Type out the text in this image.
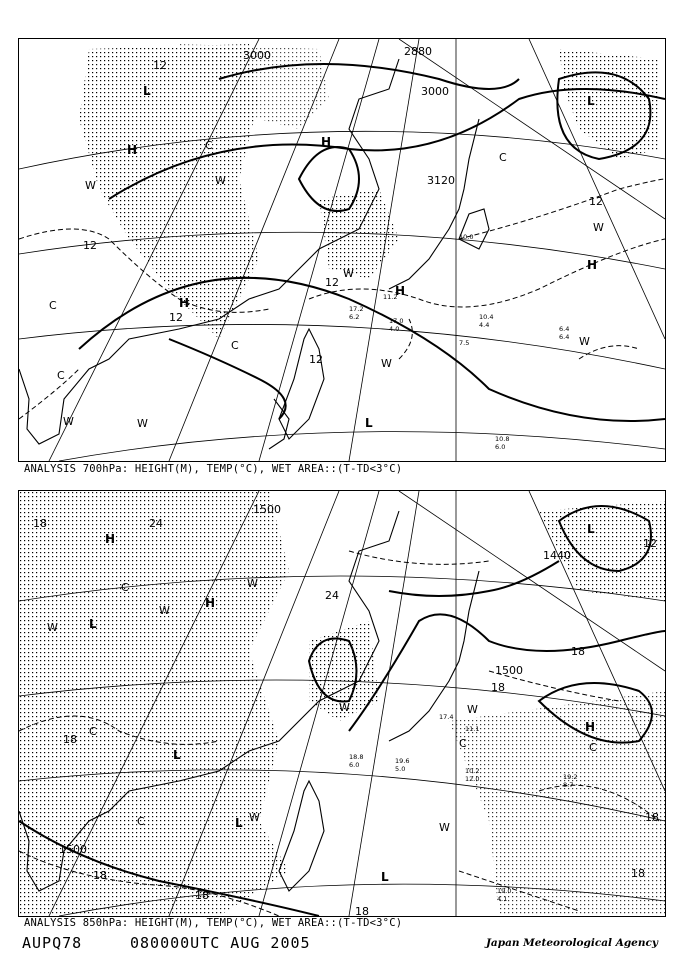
3000	2880
3000
3120
12
12
12
12
12
12
L
L
L
H
H
H
H
H
C
C
C
C
C
W
W	W
W
W
W
W
W
10.4
4.4	6.4
6.4
10.8
6.0
17.0
4.0
11.2
7.5
17.2
6.2
10.0
ANALYSIS 700hPa: HEIGHT(M), TEMP(°C), WET AREA::(T-TD<3°C)
1500
1500
1500
1440
18	24
18
18
18
18
18
18
18
24
12
18
H
H
L
L
L
L
H
L
C
C
C
C	C
W
W
W
W
W
W
W
19.2
8.7
19.0
4.1
19.6
5.0
17.4
11.1
10.2
12.0
18.8
6.0
ANALYSIS 850hPa: HEIGHT(M), TEMP(°C), WET AREA::(T-TD<3°C)
AUPQ78	080000UTC AUG 2005	Japan Meteorological Agency
